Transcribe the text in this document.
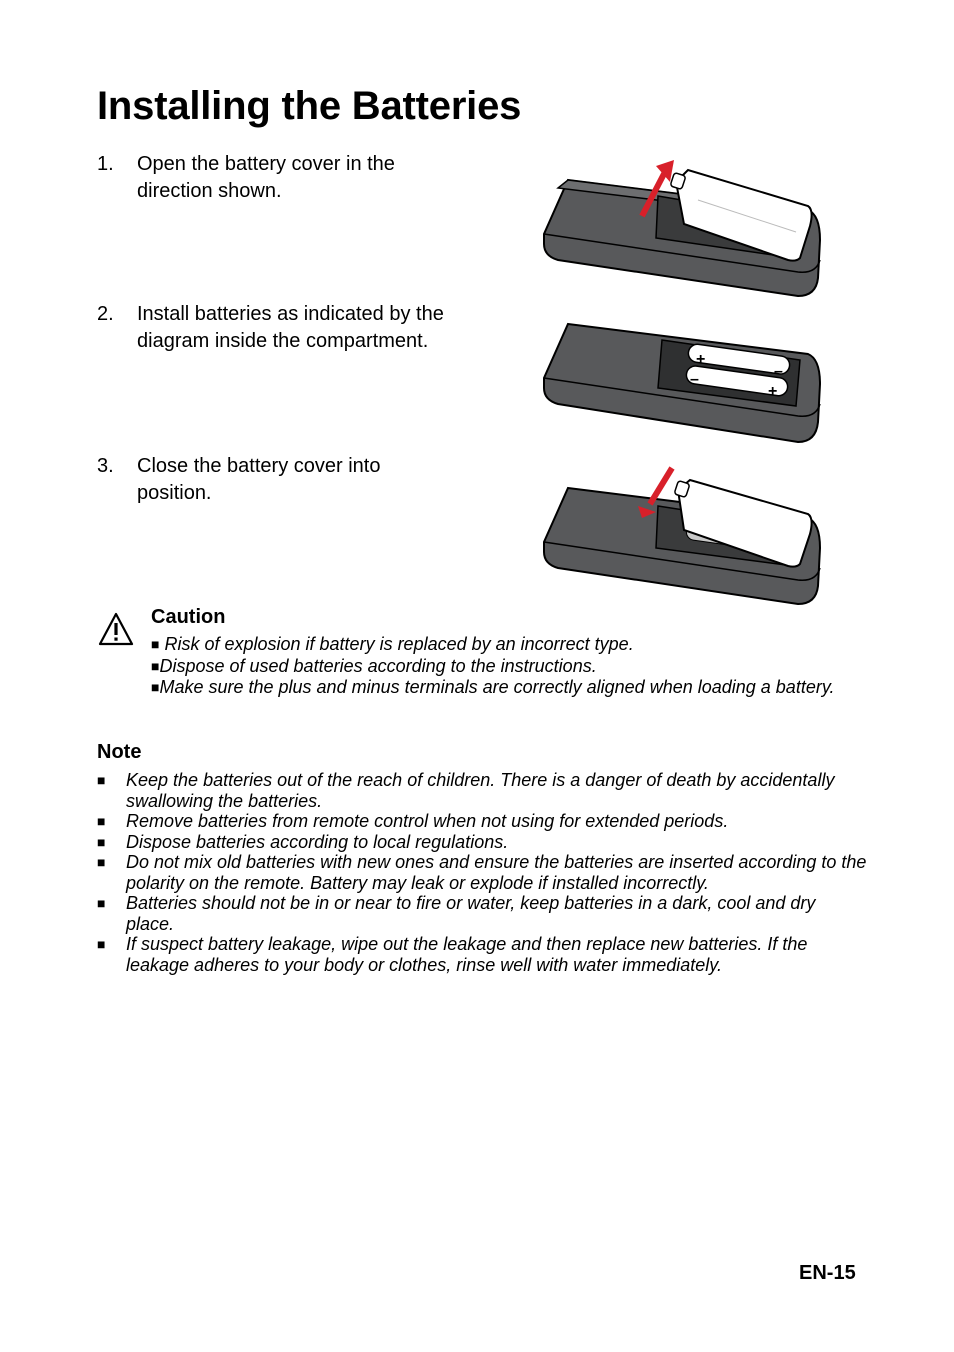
Installing the Batteries
1. Open the battery cover in the direction shown.
2. Install batteries as indicated by the diagram inside the compartment.
3. Close the battery cover into position.
+
–
–
+
Caution
■ Risk of explosion if battery is replaced by an incorrect type.
■Dispose of used batteries according to the instructions.
■Make sure the plus and minus terminals are correctly aligned when loading a battery.
Note
■ Keep the batteries out of the reach of children. There is a danger of death by accidentally swallowing the batteries.
■ Remove batteries from remote control when not using for extended periods.
■ Dispose batteries according to local regulations.
■ Do not mix old batteries with new ones and ensure the batteries are inserted according to the polarity on the remote. Battery may leak or explode if installed incorrectly.
■ Batteries should not be in or near to fire or water, keep batteries in a dark, cool and dry place.
■ If suspect battery leakage, wipe out the leakage and then replace new batteries. If the leakage adheres to your body or clothes, rinse well with water immediately.
EN-15
